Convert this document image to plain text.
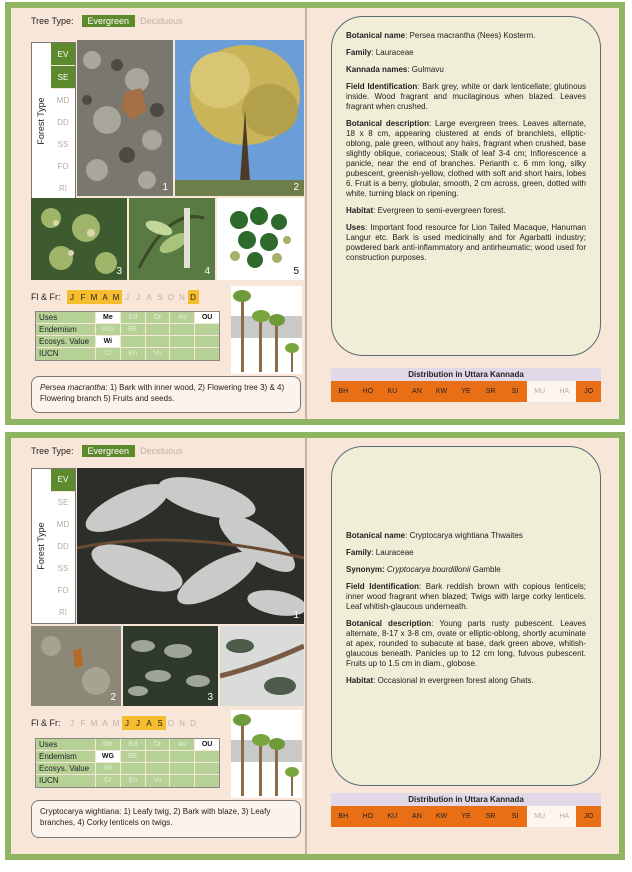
Tree Type:	Evergreen	Deciduous
Forest Type
EV
SE
MD
DD
SS
FO
RI	1	2
3	4	5
Fl & Fr:	J F M A M J J A S O N D
Uses	Me	Ed	Or	Av	OU
Endemism	WG	BE
Ecosys. Value	Wi
IUCN	Cr	En	Vu
Persea macrantha: 1) Bark with inner wood, 2) Flowering tree 3) & 4) Flowering branch 5) Fruits and seeds.

Botanical name: Persea macrantha (Nees) Kosterm.

Family: Lauraceae

Kannada names: Gulmavu

Field Identification: Bark grey, white or dark lenticellate; glutinous inside. Wood fragrant and mucilaginous when blazed. Leaves fragrant when crushed.

Botanical description: Large evergreen trees. Leaves alternate, 18 x 8 cm, appearing clustered at ends of branchlets, elliptic-oblong, pale green, without any hairs, fragrant when crushed, base slightly oblique, coriaceous; Stalk of leaf 3-4 cm; Inflorescence a panicle, near the end of branches. Perianth c. 6 mm long, silky pubescent, greenish-yellow, clothed with soft and short hairs, lobes 6. Fruit is a berry, globular, smooth, 2 cm across, green, dotted with white, turning black on ripening.

Habitat: Evergreen to semi-evergreen forest.

Uses: Important food resource for Lion Tailed Macaque, Hanuman Langur etc. Bark is used medicinally and for Agarbatti industry; powdered bark anti-inflammatory and antirheumatic; wood used for construction purposes.

Distribution in Uttara Kannada
BH	HO	KU	AN	KW	YE	SR	SI	MU	HA	JO
Tree Type:	Evergreen	Deciduous
Forest Type
EV
SE
MD
DD
SS
FO
RI	1
2	3
Fl & Fr:	J F M A M J J A S O N D
Uses	Me	Ed	Or	Av	OU
Endemism	WG	BE
Ecosys. Value	Wi
IUCN	Cr	En	Vu
Cryptocarya wightiana: 1) Leafy twig, 2) Bark with blaze, 3) Leafy branches, 4) Corky lenticels on twigs.

Botanical name: Cryptocarya wightiana Thwaites

Family: Lauraceae

Synonym: Cryptocarya bourdillonii Gamble

Field Identification: Bark reddish brown with copious lenticels; inner wood fragrant when blazed; Twigs with large corky lenticels. Leaf whitish-glaucous underneath.

Botanical description: Young parts rusty pubescent. Leaves alternate, 8-17 x 3-8 cm, ovate or elliptic-oblong, shortly acuminate at apex, rounded to subacute at base, dark green above, whitish-glaucous beneath. Panicles up to 12 cm long, fulvous pubescent. Fruits up to 1.5 cm in diam., globose.

Habitat: Occasional in evergreen forest along Ghats.

Distribution in Uttara Kannada
BH	HO	KU	AN	KW	YE	SR	SI	MU	HA	JO
